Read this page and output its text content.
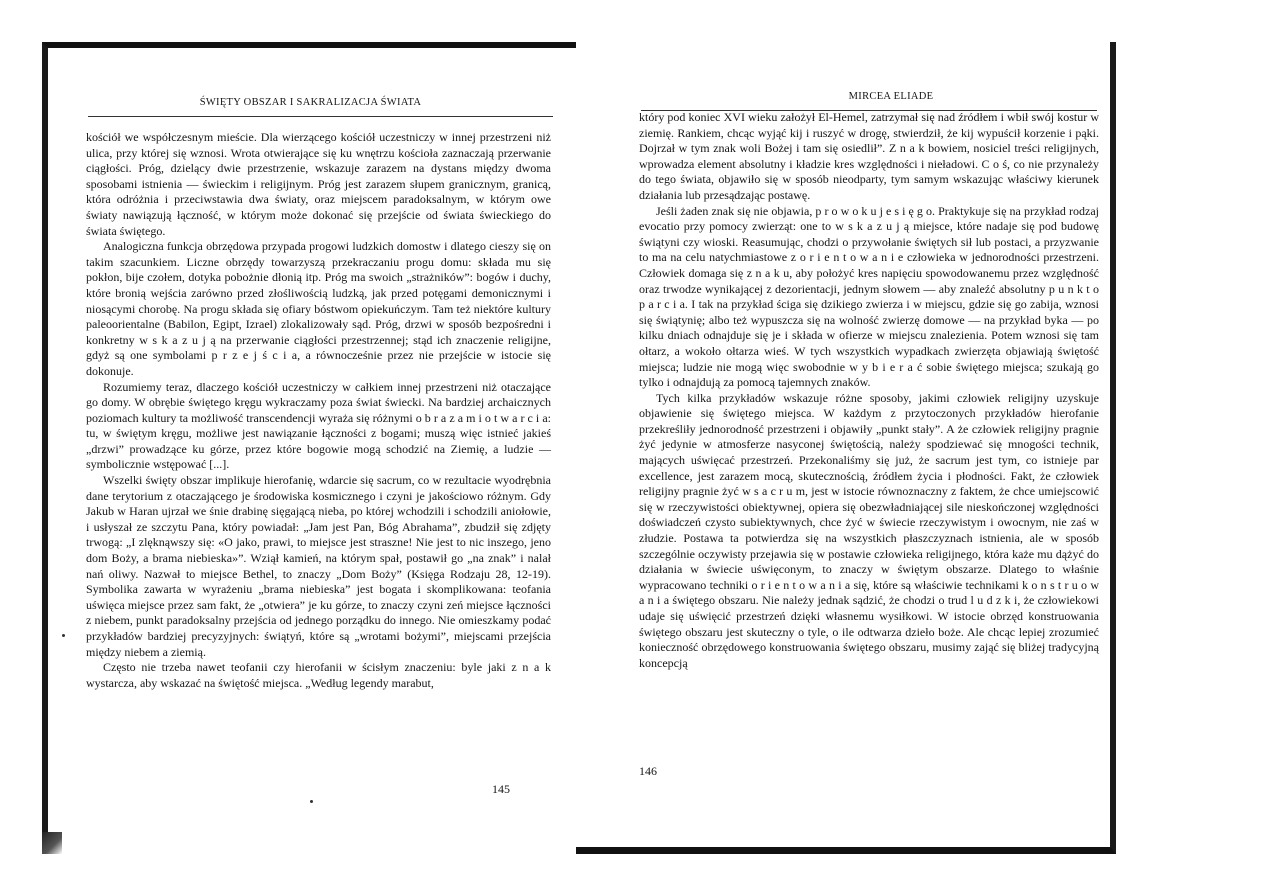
ŚWIĘTY OBSZAR I SAKRALIZACJA ŚWIATA

kościół we współczesnym mieście. Dla wierzącego kościół uczestniczy w innej przestrzeni niż ulica, przy której się wznosi. Wrota otwierające się ku wnętrzu kościoła zaznaczają przerwanie ciągłości. Próg, dzielący dwie przestrzenie, wskazuje zarazem na dystans między dwoma sposobami istnienia — świeckim i religijnym. Próg jest zarazem słupem granicznym, granicą, która odróżnia i przeciwstawia dwa światy, oraz miejscem paradoksalnym, w którym owe światy nawiązują łączność, w którym może dokonać się przejście od świata świeckiego do świata świętego.

Analogiczna funkcja obrzędowa przypada progowi ludzkich domostw i dlatego cieszy się on takim szacunkiem. Liczne obrzędy towarzyszą przekraczaniu progu domu: składa mu się pokłon, bije czołem, dotyka pobożnie dłonią itp. Próg ma swoich „strażników”: bogów i duchy, które bronią wejścia zarówno przed złośliwością ludzką, jak przed potęgami demonicznymi i niosącymi chorobę. Na progu składa się ofiary bóstwom opiekuńczym. Tam też niektóre kultury paleoorientalne (Babilon, Egipt, Izrael) zlokalizowały sąd. Próg, drzwi w sposób bezpośredni i konkretny w s k a z u j ą na przerwanie ciągłości przestrzennej; stąd ich znaczenie religijne, gdyż są one symbolami p r z e j ś c i a, a równocześnie przez nie przejście w istocie się dokonuje.

Rozumiemy teraz, dlaczego kościół uczestniczy w całkiem innej przestrzeni niż otaczające go domy. W obrębie świętego kręgu wykraczamy poza świat świecki. Na bardziej archaicznych poziomach kultury ta możliwość transcendencji wyraża się różnymi o b r a z a m i o t w a r c i a: tu, w świętym kręgu, możliwe jest nawiązanie łączności z bogami; muszą więc istnieć jakieś „drzwi” prowadzące ku górze, przez które bogowie mogą schodzić na Ziemię, a ludzie — symbolicznie wstępować [...].

Wszelki święty obszar implikuje hierofanię, wdarcie się sacrum, co w rezultacie wyodrębnia dane terytorium z otaczającego je środowiska kosmicznego i czyni je jakościowo różnym. Gdy Jakub w Haran ujrzał we śnie drabinę sięgającą nieba, po której wchodzili i schodzili aniołowie, i usłyszał ze szczytu Pana, który powiadał: „Jam jest Pan, Bóg Abrahama”, zbudził się zdjęty trwogą: „I zlęknąwszy się: «O jako, prawi, to miejsce jest straszne! Nie jest to nic inszego, jeno dom Boży, a brama niebieska»”. Wziął kamień, na którym spał, postawił go „na znak” i nalał nań oliwy. Nazwał to miejsce Bethel, to znaczy „Dom Boży” (Księga Rodzaju 28, 12-19). Symbolika zawarta w wyrażeniu „brama niebieska” jest bogata i skomplikowana: teofania uświęca miejsce przez sam fakt, że „otwiera” je ku górze, to znaczy czyni zeń miejsce łączności z niebem, punkt paradoksalny przejścia od jednego porządku do innego. Nie omieszkamy podać przykładów bardziej precyzyjnych: świątyń, które są „wrotami bożymi”, miejscami przejścia między niebem a ziemią.

Często nie trzeba nawet teofanii czy hierofanii w ścisłym znaczeniu: byle jaki z n a k wystarcza, aby wskazać na świętość miejsca. „Według legendy marabut,

145
MIRCEA ELIADE

który pod koniec XVI wieku założył El-Hemel, zatrzymał się nad źródłem i wbił swój kostur w ziemię. Rankiem, chcąc wyjąć kij i ruszyć w drogę, stwierdził, że kij wypuścił korzenie i pąki. Dojrzał w tym znak woli Bożej i tam się osiedlił”. Z n a k bowiem, nosiciel treści religijnych, wprowadza element absolutny i kładzie kres względności i nieładowi. C o ś, co nie przynależy do tego świata, objawiło się w sposób nieodparty, tym samym wskazując właściwy kierunek działania lub przesądzając postawę.

Jeśli żaden znak się nie objawia, p r o w o k u j e s i ę g o. Praktykuje się na przykład rodzaj evocatio przy pomocy zwierząt: one to w s k a z u j ą miejsce, które nadaje się pod budowę świątyni czy wioski. Reasumując, chodzi o przywołanie świętych sił lub postaci, a przyzwanie to ma na celu natychmiastowe z o r i e n t o w a n i e człowieka w jednorodności przestrzeni. Człowiek domaga się z n a k u, aby położyć kres napięciu spowodowanemu przez względność oraz trwodze wynikającej z dezorientacji, jednym słowem — aby znaleźć absolutny p u n k t o p a r c i a. I tak na przykład ściga się dzikiego zwierza i w miejscu, gdzie się go zabija, wznosi się świątynię; albo też wypuszcza się na wolność zwierzę domowe — na przykład byka — po kilku dniach odnajduje się je i składa w ofierze w miejscu znalezienia. Potem wznosi się tam ołtarz, a wokoło ołtarza wieś. W tych wszystkich wypadkach zwierzęta objawiają świętość miejsca; ludzie nie mogą więc swobodnie w y b i e r a ć sobie świętego miejsca; szukają go tylko i odnajdują za pomocą tajemnych znaków.

Tych kilka przykładów wskazuje różne sposoby, jakimi człowiek religijny uzyskuje objawienie się świętego miejsca. W każdym z przytoczonych przykładów hierofanie przekreśliły jednorodność przestrzeni i objawiły „punkt stały”. A że człowiek religijny pragnie żyć jedynie w atmosferze nasyconej świętością, należy spodziewać się mnogości technik, mających uświęcać przestrzeń. Przekonaliśmy się już, że sacrum jest tym, co istnieje par excellence, jest zarazem mocą, skutecznością, źródłem życia i płodności. Fakt, że człowiek religijny pragnie żyć w s a c r u m, jest w istocie równoznaczny z faktem, że chce umiejscowić się w rzeczywistości obiektywnej, opiera się obezwładniającej sile nieskończonej względności doświadczeń czysto subiektywnych, chce żyć w świecie rzeczywistym i owocnym, nie zaś w złudzie. Postawa ta potwierdza się na wszystkich płaszczyznach istnienia, ale w sposób szczególnie oczywisty przejawia się w postawie człowieka religijnego, która każe mu dążyć do działania w świecie uświęconym, to znaczy w świętym obszarze. Dlatego to właśnie wypracowano techniki o r i e n t o w a n i a się, które są właściwie technikami k o n s t r u o w a n i a świętego obszaru. Nie należy jednak sądzić, że chodzi o trud l u d z k i, że człowiekowi udaje się uświęcić przestrzeń dzięki własnemu wysiłkowi. W istocie obrzęd konstruowania świętego obszaru jest skuteczny o tyle, o ile odtwarza dzieło boże. Ale chcąc lepiej zrozumieć konieczność obrzędowego konstruowania świętego obszaru, musimy zająć się bliżej tradycyjną koncepcją

146
